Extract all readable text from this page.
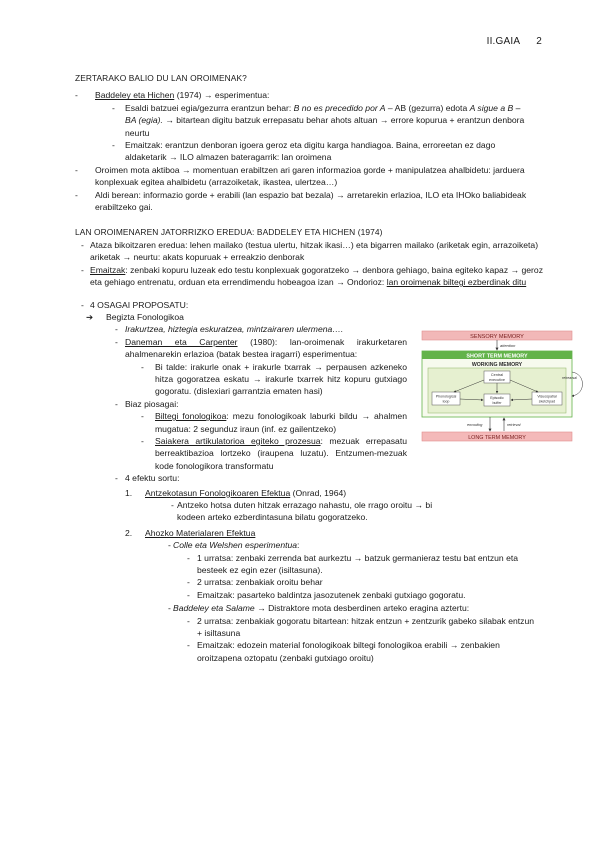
II.GAIA 2

ZERTARAKO BALIO DU LAN OROIMENAK?

-	Baddeley eta Hichen (1974) → esperimentua:
-	Esaldi batzuei egia/gezurra erantzun behar: B no es precedido por A – AB (gezurra) edota A sigue a B – BA (egia). → bitartean digitu batzuk errepasatu behar ahots altuan → errore kopurua + erantzun denbora neurtu
-	Emaitzak: erantzun denboran igoera geroz eta digitu karga handiagoa. Baina, erroreetan ez dago aldaketarik → ILO almazen bateragarrik: lan oroimena
-	Oroimen mota aktiboa → momentuan erabiltzen ari garen informazioa gorde + manipulatzea ahalbidetu: jarduera konplexuak egitea ahalbidetu (arrazoiketak, ikastea, ulertzea…)
-	Aldi berean: informazio gorde + erabili (lan espazio bat bezala) → arretarekin erlazioa, ILO eta IHOko baliabideak erabiltzeko gai.

LAN OROIMENAREN JATORRIZKO EREDUA: BADDELEY ETA HICHEN (1974)

- Ataza bikoitzaren eredua: lehen mailako (testua ulertu, hitzak ikasi…) eta bigarren mailako (ariketak egin, arrazoiketa) ariketak → neurtu: akats kopuruak + erreakzio denborak
- Emaitzak: zenbaki kopuru luzeak edo testu konplexuak gogoratzeko → denbora gehiago, baina egiteko kapaz → geroz eta gehiago entrenatu, orduan eta errendimendu hobeagoa izan → Ondorioz: lan oroimenak biltegi ezberdinak ditu
- 4 OSAGAI PROPOSATU:
➔	Begizta Fonologikoa
- Irakurtzea, hiztegia eskuratzea, mintzairaren ulermena….
- Daneman eta Carpenter (1980): lan-oroimenak irakurketaren ahalmenarekin erlazioa (batak bestea iragarri) esperimentua:
-	Bi talde: irakurle onak + irakurle txarrak → perpausen azkeneko hitza gogoratzea eskatu → irakurle txarrek hitz kopuru gutxiago gogoratu. (dislexiari garrantzia ematen hasi)
- Biaz piosagai:
-	Biltegi fonologikoa: mezu fonologikoak laburki bildu → ahalmen mugatua: 2 segunduz iraun (inf. ez gailentzeko)
-	Saiakera artikulatorioa egiteko prozesua: mezuak errepasatu berreaktibazioa lortzeko (iraupena luzatu). Entzumen-mezuak kode fonologikora transformatu
- 4 efektu sortu:
1.	Antzekotasun Fonologikoaren Efektua (Onrad, 1964)
- Antzeko hotsa duten hitzak errazago nahastu, ole rrago oroitu → bi kodeen arteko ezberdintasuna bilatu gogoratzeko.
2.	Ahozko Materialaren Efektua
- Colle eta Welshen esperimentua:
- 1 urratsa: zenbaki zerrenda bat aurkeztu → batzuk germanieraz testu bat entzun eta besteek ez egin ezer (isiltasuna).
- 2 urratsa: zenbakiak oroitu behar
- Emaitzak: pasarteko baldintza jasozutenek zenbaki gutxiago gogoratu.
- Baddeley eta Salame → Distraktore mota desberdinen arteko eragina aztertu:
- 2 urratsa: zenbakiak gogoratu bitartean: hitzak entzun + zentzurik gabeko silabak entzun + isiltasuna
- Emaitzak: edozein material fonologikoak biltegi fonologikoa erabili → zenbakien oroitzapena oztopatu (zenbaki gutxiago oroitu)
SENSORY MEMORY
attention
SHORT TERM MEMORY
WORKING MEMORY
Central
executive
Phonological
loop
Episodic
buffer
Visuospatial
sketchpad
rehearsal
encoding	retrieval
LONG TERM MEMORY
